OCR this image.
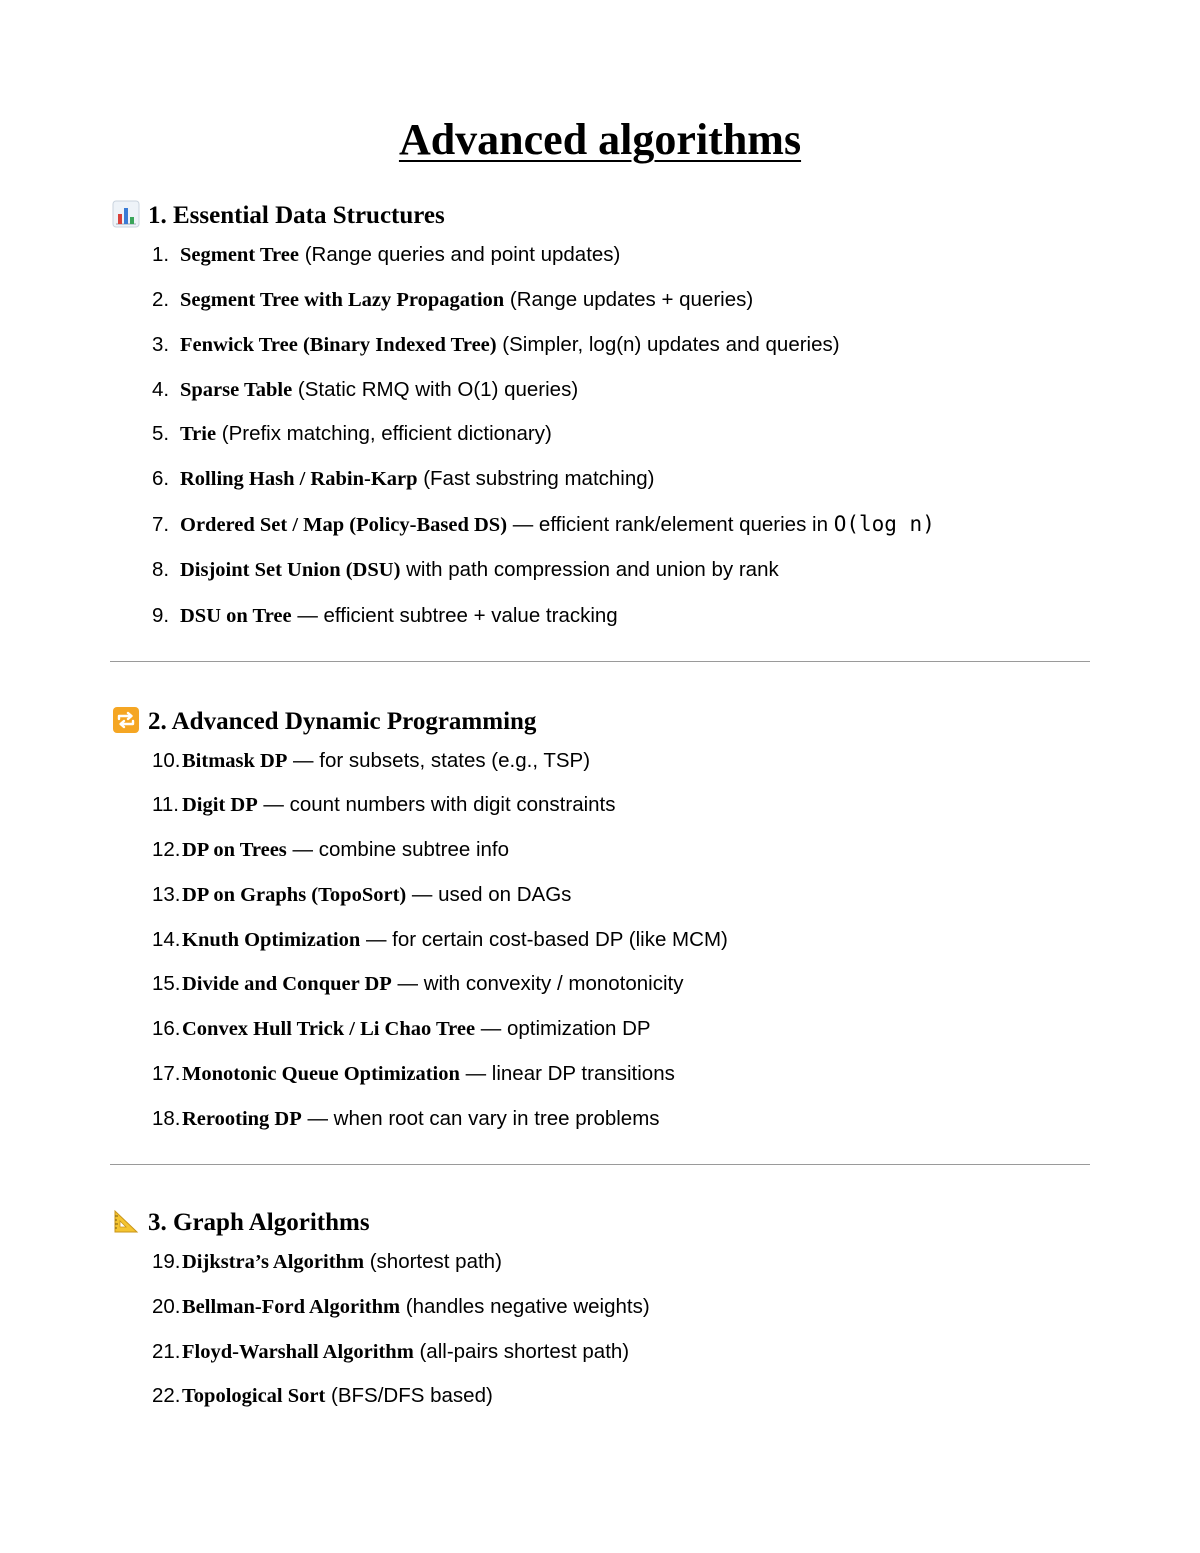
Advanced algorithms
1. Essential Data Structures
1. Segment Tree (Range queries and point updates)
2. Segment Tree with Lazy Propagation (Range updates + queries)
3. Fenwick Tree (Binary Indexed Tree) (Simpler, log(n) updates and queries)
4. Sparse Table (Static RMQ with O(1) queries)
5. Trie (Prefix matching, efficient dictionary)
6. Rolling Hash / Rabin-Karp (Fast substring matching)
7. Ordered Set / Map (Policy-Based DS) — efficient rank/element queries in O(log n)
8. Disjoint Set Union (DSU) with path compression and union by rank
9. DSU on Tree — efficient subtree + value tracking
2. Advanced Dynamic Programming
10.Bitmask DP — for subsets, states (e.g., TSP)
11. Digit DP — count numbers with digit constraints
12.DP on Trees — combine subtree info
13.DP on Graphs (TopoSort) — used on DAGs
14.Knuth Optimization — for certain cost-based DP (like MCM)
15.Divide and Conquer DP — with convexity / monotonicity
16.Convex Hull Trick / Li Chao Tree — optimization DP
17.Monotonic Queue Optimization — linear DP transitions
18.Rerooting DP — when root can vary in tree problems
3. Graph Algorithms
19.Dijkstra’s Algorithm (shortest path)
20.Bellman-Ford Algorithm (handles negative weights)
21.Floyd-Warshall Algorithm (all-pairs shortest path)
22.Topological Sort (BFS/DFS based)
